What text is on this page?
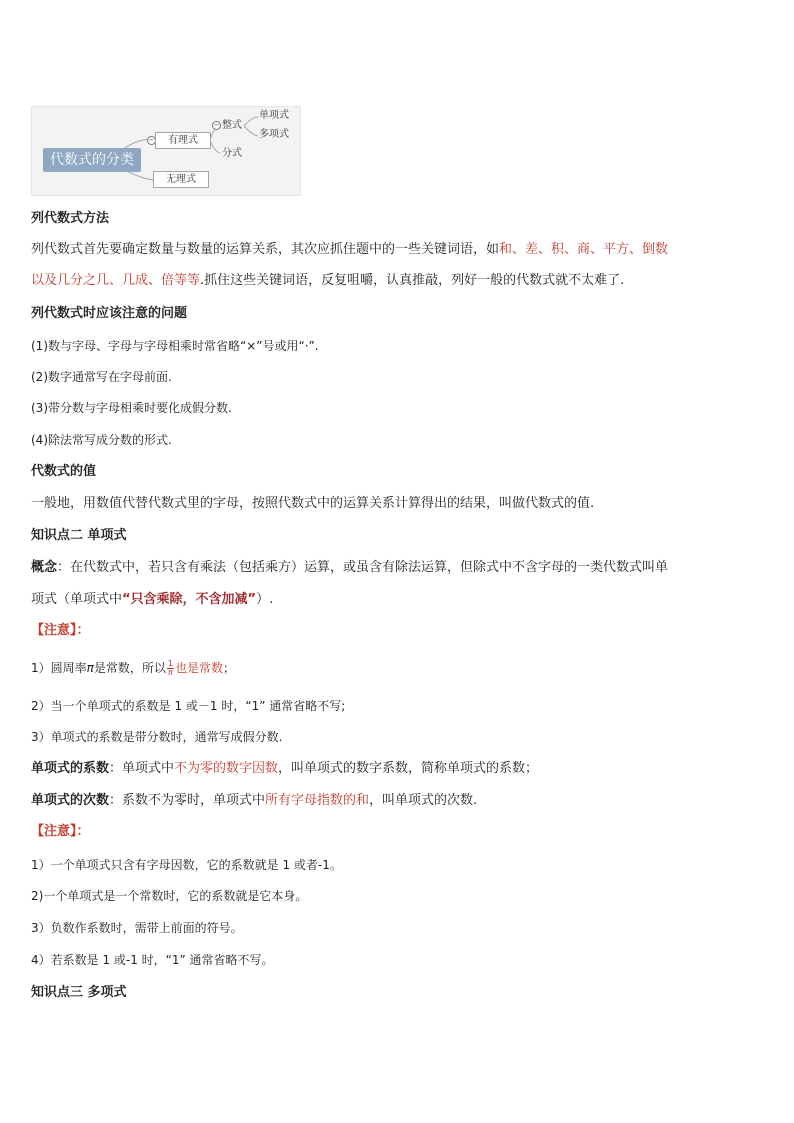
代数式的分类
−	有理式
无理式
− 整式
分式
单项式
多项式
列代数式方法
列代数式首先要确定数量与数量的运算关系，其次应抓住题中的一些关键词语，如和、差、积、商、平方、倒数
以及几分之几、几成、倍等等.抓住这些关键词语，反复咀嚼，认真推敲，列好一般的代数式就不太难了.
列代数式时应该注意的问题
(1)数与字母、字母与字母相乘时常省略“×”号或用“·”.
(2)数字通常写在字母前面.
(3)带分数与字母相乘时要化成假分数.
(4)除法常写成分数的形式.
代数式的值
一般地，用数值代替代数式里的字母，按照代数式中的运算关系计算得出的结果，叫做代数式的值.
知识点二 单项式
概念：在代数式中，若只含有乘法（包括乘方）运算，或虽含有除法运算，但除式中不含字母的一类代数式叫单
项式（单项式中“只含乘除，不含加减”）.
【注意】：
1）圆周率π是常数，所以 $\frac{1}{\pi}$ 也是常数；
2）当一个单项式的系数是 1 或－1 时，“1” 通常省略不写;
3）单项式的系数是带分数时，通常写成假分数.
单项式的系数：单项式中不为零的数字因数，叫单项式的数字系数，简称单项式的系数；
单项式的次数：系数不为零时，单项式中所有字母指数的和，叫单项式的次数.
【注意】：
1）一个单项式只含有字母因数，它的系数就是 1 或者-1。
2)一个单项式是一个常数时，它的系数就是它本身。
3）负数作系数时，需带上前面的符号。
4）若系数是 1 或-1 时，“1” 通常省略不写。
知识点三 多项式
